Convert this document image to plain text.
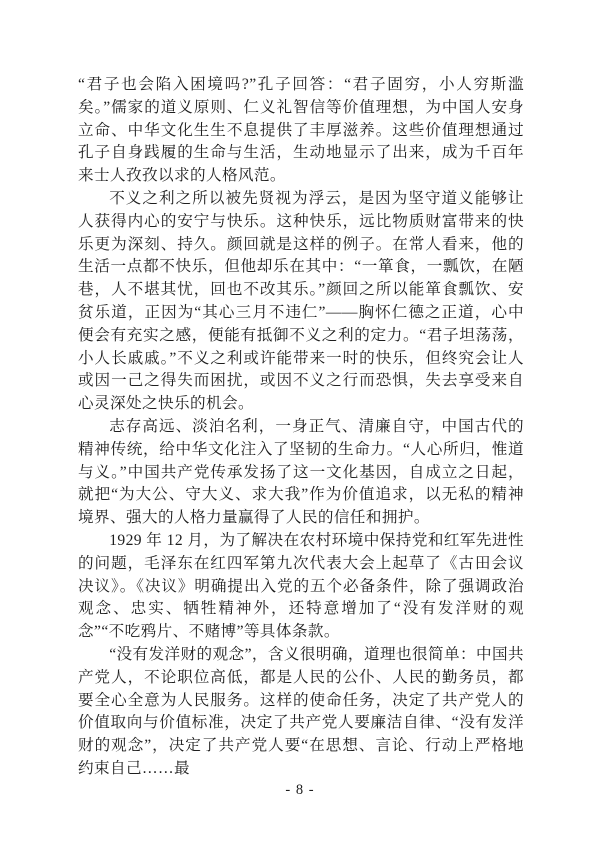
“君子也会陷入困境吗?”孔子回答：“君子固穷，小人穷斯滥矣。”儒家的道义原则、仁义礼智信等价值理想，为中国人安身立命、中华文化生生不息提供了丰厚滋养。这些价值理想通过孔子自身践履的生命与生活，生动地显示了出来，成为千百年来士人孜孜以求的人格风范。

不义之利之所以被先贤视为浮云，是因为坚守道义能够让人获得内心的安宁与快乐。这种快乐，远比物质财富带来的快乐更为深刻、持久。颜回就是这样的例子。在常人看来，他的生活一点都不快乐，但他却乐在其中：“一箪食，一瓢饮，在陋巷，人不堪其忧，回也不改其乐。”颜回之所以能箪食瓢饮、安贫乐道，正因为“其心三月不违仁”——胸怀仁德之正道，心中便会有充实之感，便能有抵御不义之利的定力。“君子坦荡荡，小人长戚戚。”不义之利或许能带来一时的快乐，但终究会让人或因一己之得失而困扰，或因不义之行而恐惧，失去享受来自心灵深处之快乐的机会。

志存高远、淡泊名利，一身正气、清廉自守，中国古代的精神传统，给中华文化注入了坚韧的生命力。“人心所归，惟道与义。”中国共产党传承发扬了这一文化基因，自成立之日起，就把“为大公、守大义、求大我”作为价值追求，以无私的精神境界、强大的人格力量赢得了人民的信任和拥护。

1929 年 12 月，为了解决在农村环境中保持党和红军先进性的问题，毛泽东在红四军第九次代表大会上起草了《古田会议决议》。《决议》明确提出入党的五个必备条件，除了强调政治观念、忠实、牺牲精神外，还特意增加了“没有发洋财的观念”“不吃鸦片、不赌博”等具体条款。

“没有发洋财的观念”，含义很明确，道理也很简单：中国共产党人，不论职位高低，都是人民的公仆、人民的勤务员，都要全心全意为人民服务。这样的使命任务，决定了共产党人的价值取向与价值标准，决定了共产党人要廉洁自律、“没有发洋财的观念”，决定了共产党人要“在思想、言论、行动上严格地约束自己……最

- 8 -
